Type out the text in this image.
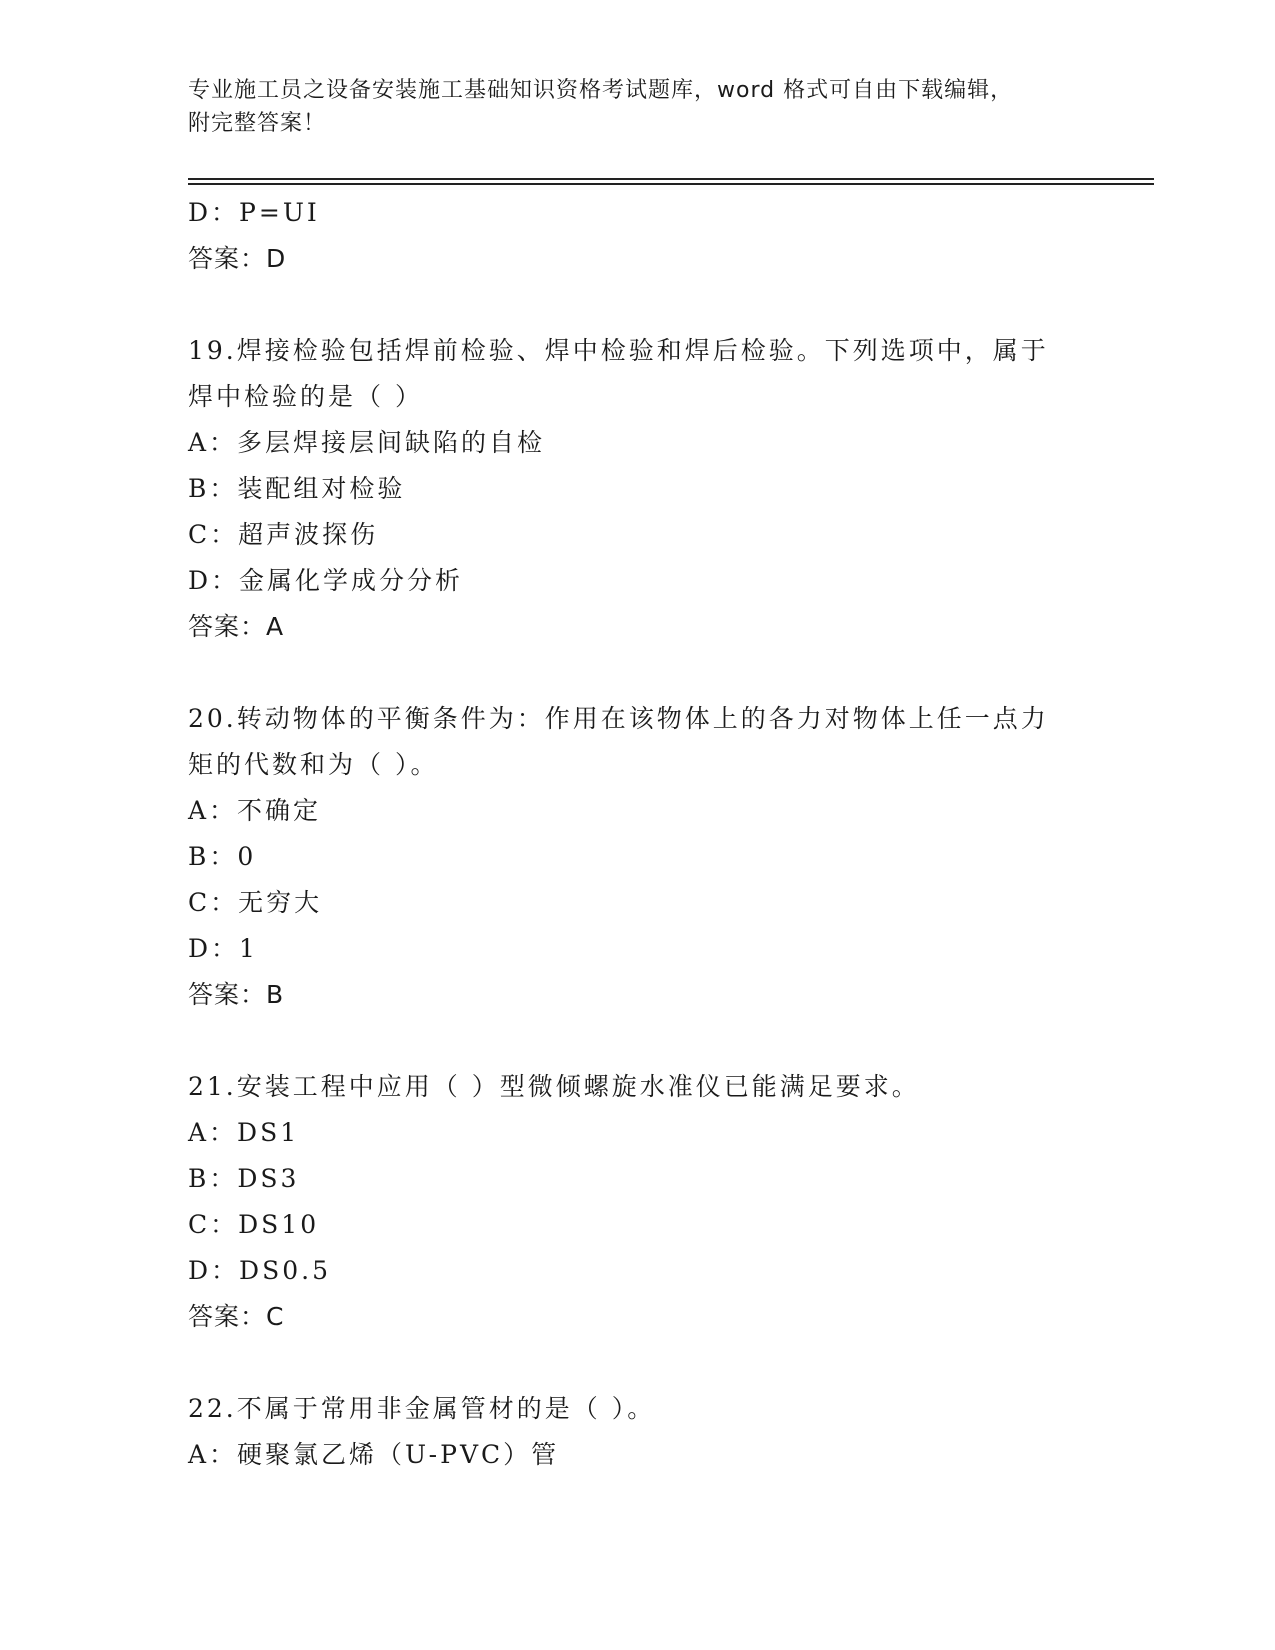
专业施工员之设备安装施工基础知识资格考试题库，word 格式可自由下载编辑，
附完整答案！
D：P=UI
答案：D
19.焊接检验包括焊前检验、焊中检验和焊后检验。下列选项中，属于
焊中检验的是（ ）
A：多层焊接层间缺陷的自检
B：装配组对检验
C：超声波探伤
D：金属化学成分分析
答案：A
20.转动物体的平衡条件为：作用在该物体上的各力对物体上任一点力
矩的代数和为（ ）。
A：不确定
B：0
C：无穷大
D：1
答案：B
21.安装工程中应用（ ）型微倾螺旋水准仪已能满足要求。
A：DS1
B：DS3
C：DS10
D：DS0.5
答案：C
22.不属于常用非金属管材的是（ ）。
A：硬聚氯乙烯（U-PVC）管
